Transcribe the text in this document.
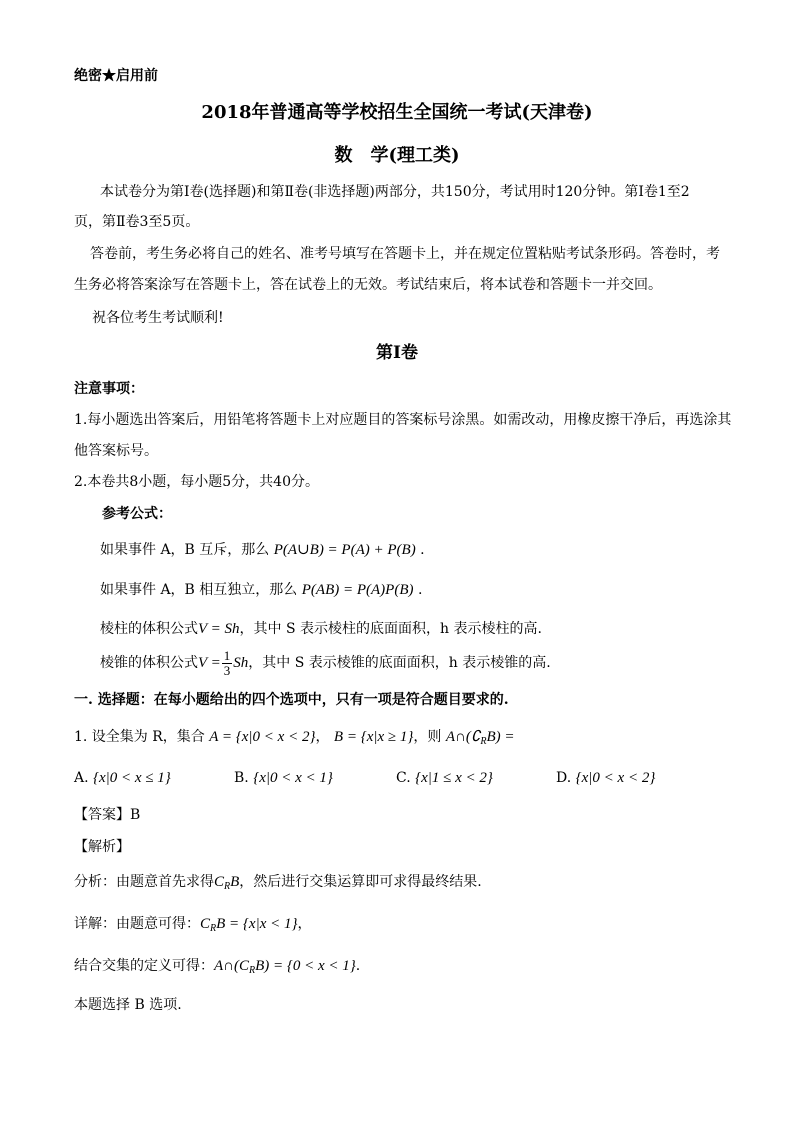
绝密★启用前
2018年普通高等学校招生全国统一考试(天津卷)
数　学(理工类)
本试卷分为第Ⅰ卷(选择题)和第Ⅱ卷(非选择题)两部分，共150分，考试用时120分钟。第Ⅰ卷1至2
页，第Ⅱ卷3至5页。
答卷前，考生务必将自己的姓名、准考号填写在答题卡上，并在规定位置粘贴考试条形码。答卷时，考
生务必将答案涂写在答题卡上，答在试卷上的无效。考试结束后，将本试卷和答题卡一并交回。
祝各位考生考试顺利!
第Ⅰ卷
注意事项：
1.每小题选出答案后，用铅笔将答题卡上对应题目的答案标号涂黑。如需改动，用橡皮擦干净后，再选涂其
他答案标号。
2.本卷共8小题，每小题5分，共40分。
参考公式：
如果事件 A，B 互斥，那么 P(A∪B) = P(A) + P(B) .
如果事件 A，B 相互独立，那么 P(AB) = P(A)P(B) .
棱柱的体积公式V = Sh，其中 S 表示棱柱的底面面积，h 表示棱柱的高.
棱锥的体积公式$V = \frac{1}{3}$ Sh，其中 S 表示棱锥的底面面积，h 表示棱锥的高.
一. 选择题：在每小题给出的四个选项中，只有一项是符合题目要求的.
1. 设全集为 R，集合 A = {x|0 < x < 2}， B = {x|x ≥ 1}，则 $A\cap(∁_RB)$ =
A. {x|0 < x ≤ 1}	B. {x|0 < x < 1}	C. {x|1 ≤ x < 2}	D. {x|0 < x < 2}
【答案】B
【解析】
分析：由题意首先求得$C_RB$，然后进行交集运算即可求得最终结果.
详解：由题意可得：$C_RB = \{x|x < 1\}$，
结合交集的定义可得：$A\cap(C_RB) = \{0 < x < 1\}$.
本题选择 B 选项.
